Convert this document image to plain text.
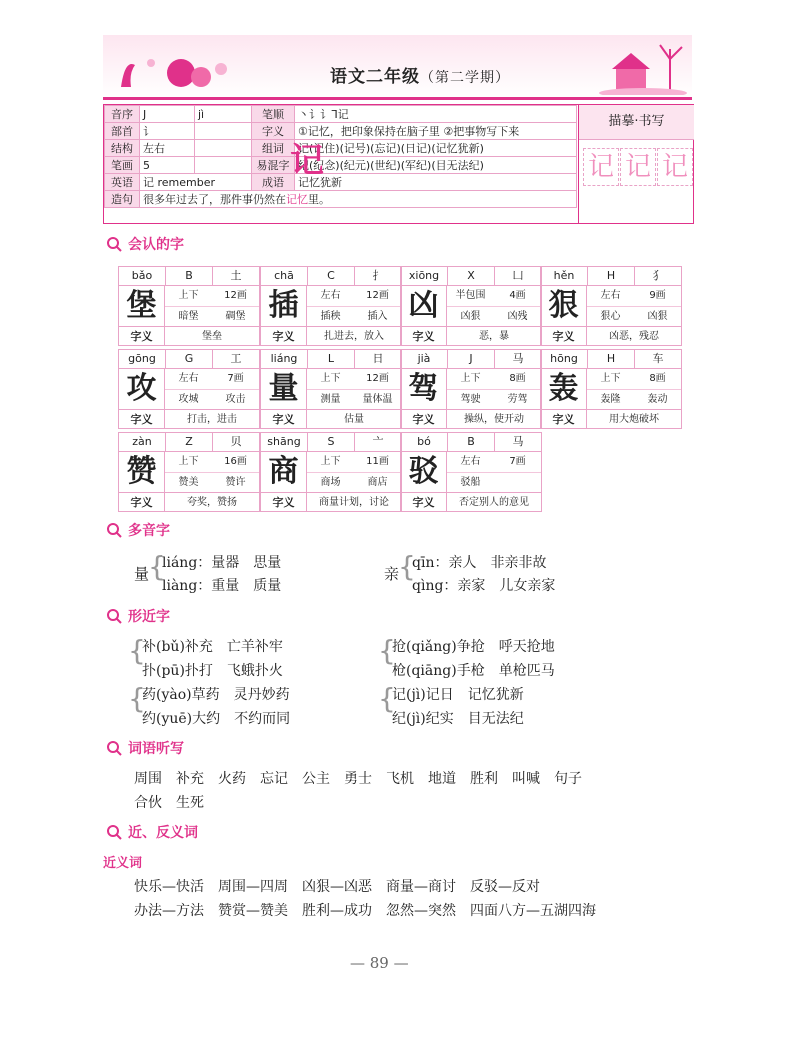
语文二年级（第二学期）
音序	J	jì	笔顺	丶讠讠ᒣ记
部首	讠		字义	①记忆，把印象保持在脑子里 ②把事物写下来
结构	左右		组词	记(记住)(记号)(忘记)(日记)(记忆犹新)
笔画	5		易混字	纪(纪念)(纪元)(世纪)(军纪)(目无法纪)
英语	记 remember		成语	记忆犹新
造句	很多年过去了，那件事仍然在记忆里。			
记
描摹·书写
记 记 记
会认的字
bǎo	B	土
堡	上下	12画
暗堡	碉堡
字义	堡垒
chā	C	扌
插	左右	12画
插秧	插入
字义	扎进去，放入
xiōng	X	凵
凶	半包围	4画
凶狠	凶残
字义	恶，暴
hěn	H	犭
狠	左右	9画
狠心	凶狠
字义	凶恶，残忍
gōng	G	工
攻	左右	7画
攻城	攻击
字义	打击，进击
liáng	L	日
量	上下	12画
测量	量体温
字义	估量
jià	J	马
驾	上下	8画
驾驶	劳驾
字义	操纵，使开动
hōng	H	车
轰	上下	8画
轰隆	轰动
字义	用大炮破坏
zàn	Z	贝
赞	上下	16画
赞美	赞许
字义	夸奖，赞扬
shāng	S	亠
商	上下	11画
商场	商店
字义	商量计划，讨论
bó	B	马
驳	左右	7画
驳船
字义	否定别人的意见
多音字
量
{
liáng：量器　思量
liàng：重量　质量
亲
{
qīn：亲人　非亲非故
qìng：亲家　儿女亲家
形近字
{
{
{
{
补(bǔ)补充　亡羊补牢
扑(pū)扑打　飞蛾扑火
药(yào)草药　灵丹妙药
约(yuē)大约　不约而同
抢(qiǎng)争抢　呼天抢地
枪(qiāng)手枪　单枪匹马
记(jì)记日　记忆犹新
纪(jì)纪实　目无法纪
词语听写
周围　补充　火药　忘记　公主　勇士　飞机　地道　胜利　叫喊　句子
合伙　生死
近、反义词
近义词
快乐—快活　周围—四周　凶狠—凶恶　商量—商讨　反驳—反对
办法—方法　赞赏—赞美　胜利—成功　忽然—突然　四面八方—五湖四海
— 89 —
